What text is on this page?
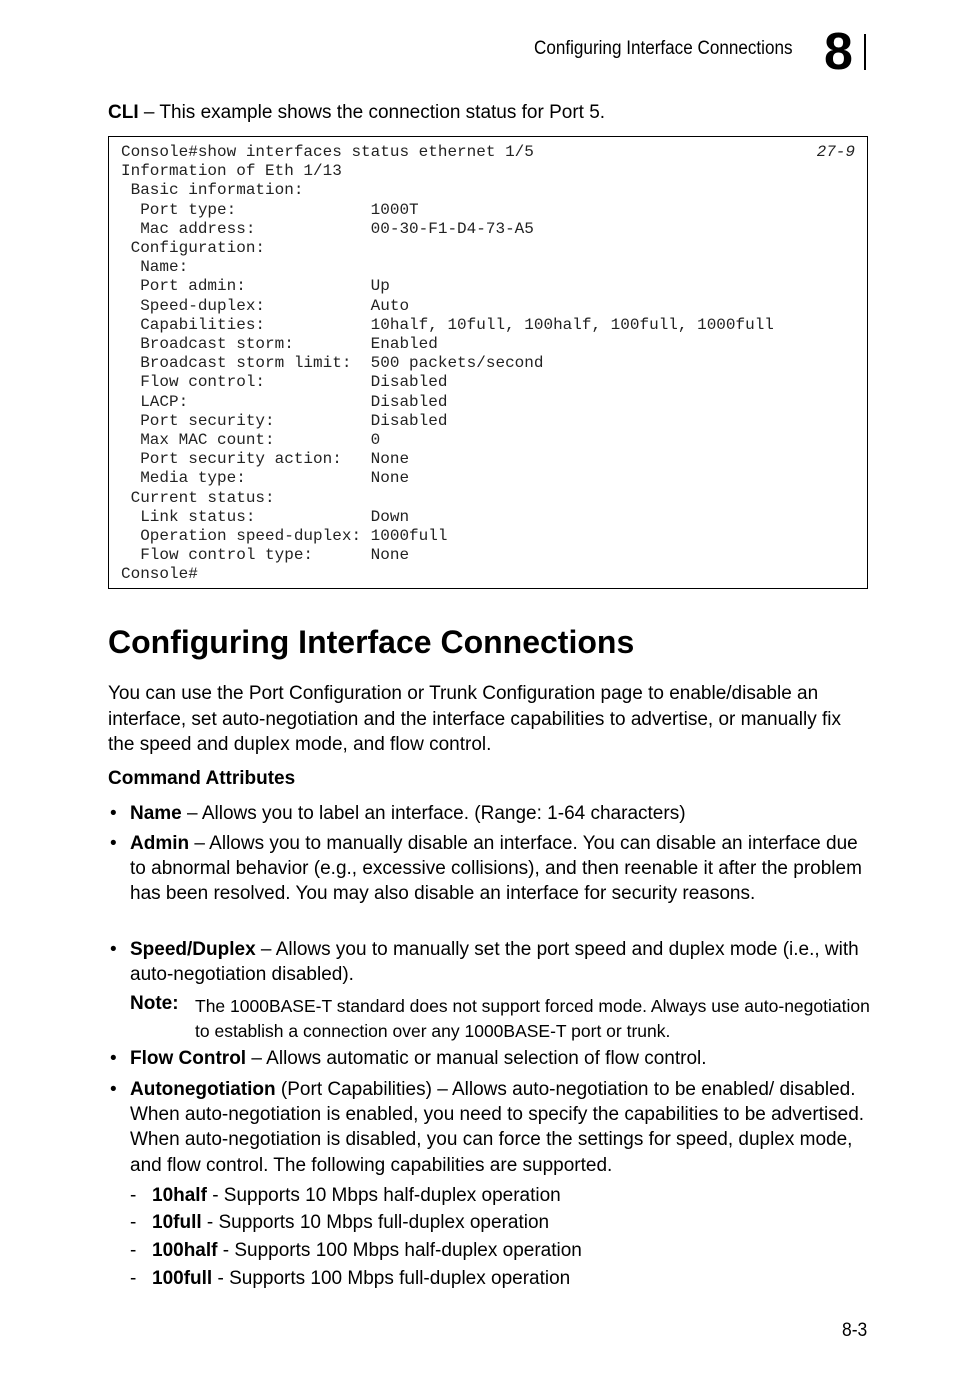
Configuring Interface Connections 8
CLI – This example shows the connection status for Port 5.
27-9
Console#show interfaces status ethernet 1/5
Information of Eth 1/13
Basic information:
Port type:              1000T
Mac address:            00-30-F1-D4-73-A5
Configuration:
Name:
Port admin:             Up
Speed-duplex:           Auto
Capabilities:           10half, 10full, 100half, 100full, 1000full
Broadcast storm:        Enabled
Broadcast storm limit:  500 packets/second
Flow control:           Disabled
LACP:                   Disabled
Port security:          Disabled
Max MAC count:          0
Port security action:   None
Media type:             None
Current status:
Link status:            Down
Operation speed-duplex: 1000full
Flow control type:      None
Console#
Configuring Interface Connections
You can use the Port Configuration or Trunk Configuration page to enable/disable an interface, set auto-negotiation and the interface capabilities to advertise, or manually fix the speed and duplex mode, and flow control.
Command Attributes
• Name – Allows you to label an interface. (Range: 1-64 characters)
• Admin – Allows you to manually disable an interface. You can disable an interface due to abnormal behavior (e.g., excessive collisions), and then reenable it after the problem has been resolved. You may also disable an interface for security reasons.
• Speed/Duplex – Allows you to manually set the port speed and duplex mode (i.e., with auto-negotiation disabled).
Note: The 1000BASE-T standard does not support forced mode. Always use auto-negotiation to establish a connection over any 1000BASE-T port or trunk.
• Flow Control – Allows automatic or manual selection of flow control.
• Autonegotiation (Port Capabilities) – Allows auto-negotiation to be enabled/ disabled. When auto-negotiation is enabled, you need to specify the capabilities to be advertised. When auto-negotiation is disabled, you can force the settings for speed, duplex mode, and flow control. The following capabilities are supported.
- 10half - Supports 10 Mbps half-duplex operation
- 10full - Supports 10 Mbps full-duplex operation
- 100half - Supports 100 Mbps half-duplex operation
- 100full - Supports 100 Mbps full-duplex operation
8-3
